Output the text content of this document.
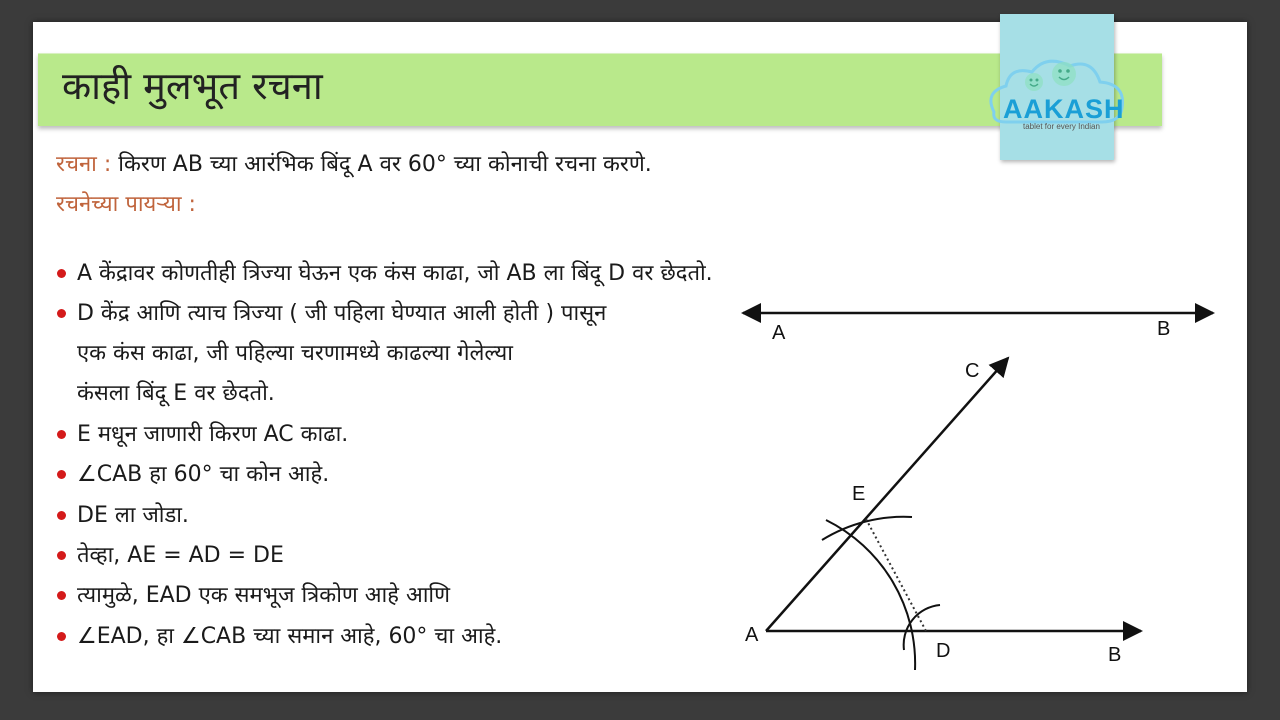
काही मुलभूत रचना
AAKASH
tablet for every Indian
रचना : किरण AB च्या आरंभिक बिंदू A वर 60° च्या कोनाची रचना करणे.
रचनेच्या पायऱ्या :
A केंद्रावर कोणतीही त्रिज्या घेऊन एक कंस काढा, जो AB ला बिंदू D वर छेदतो.
D केंद्र आणि त्याच त्रिज्या ( जी पहिला घेण्यात आली होती ) पासून
एक कंस काढा, जी पहिल्या चरणामध्ये काढल्या गेलेल्या
कंसला बिंदू E वर छेदतो.
E मधून जाणारी किरण AC काढा.
∠CAB हा 60° चा कोन आहे.
DE ला जोडा.
तेव्हा, AE = AD = DE
त्यामुळे, EAD एक समभूज त्रिकोण आहे आणि
∠EAD, हा ∠CAB च्या समान आहे, 60° चा आहे.
A	B
A
B
C
D
E
